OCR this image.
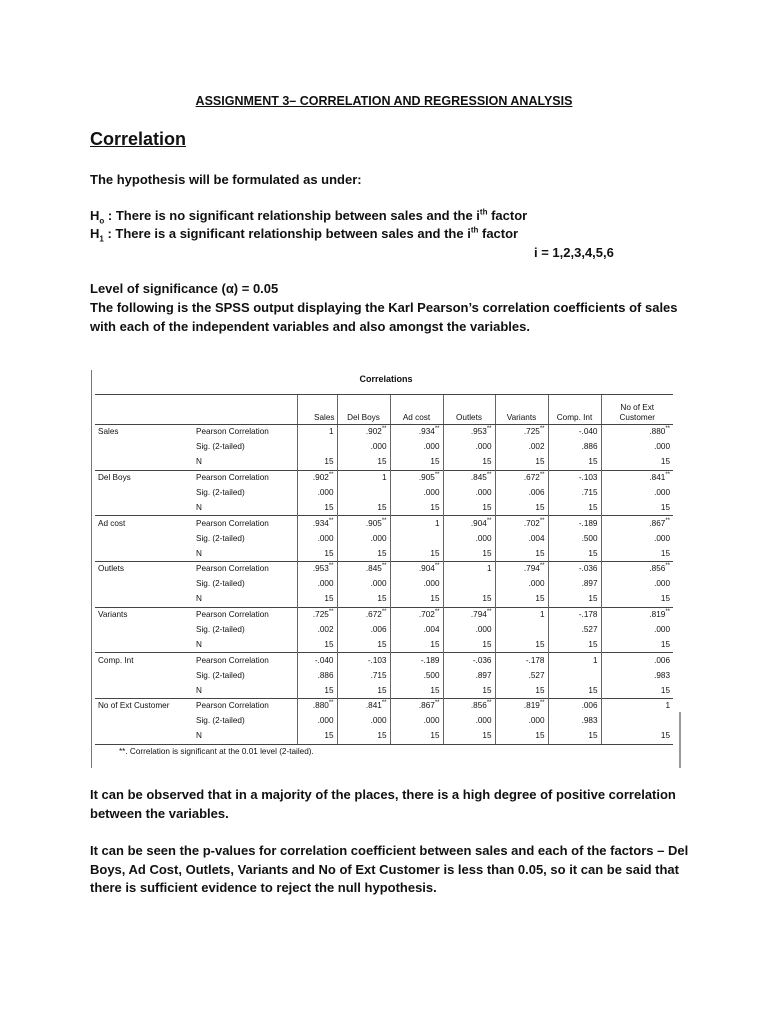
ASSIGNMENT 3– CORRELATION AND REGRESSION ANALYSIS
Correlation
The hypothesis will be formulated as under:
$H_o$ : There is no significant relationship between sales and the $i^{th}$ factor
$H_1$ : There is a significant relationship between sales and the $i^{th}$ factor
i = 1,2,3,4,5,6
Level of significance (α) = 0.05
The following is the SPSS output displaying the Karl Pearson’s correlation coefficients of sales with each of the independent variables and also amongst the variables.
Correlations
		Sales	Del Boys	Ad cost	Outlets	Variants	Comp. Int	No of Ext Customer
Sales	Pearson Correlation	1	.902**	.934**	.953**	.725**	-.040	.880**
	Sig. (2-tailed)		.000	.000	.000	.002	.886	.000
	N	15	15	15	15	15	15	15
Del Boys	Pearson Correlation	.902**	1	.905**	.845**	.672**	-.103	.841**
	Sig. (2-tailed)	.000		.000	.000	.006	.715	.000
	N	15	15	15	15	15	15	15
Ad cost	Pearson Correlation	.934**	.905**	1	.904**	.702**	-.189	.867**
	Sig. (2-tailed)	.000	.000		.000	.004	.500	.000
	N	15	15	15	15	15	15	15
Outlets	Pearson Correlation	.953**	.845**	.904**	1	.794**	-.036	.856**
	Sig. (2-tailed)	.000	.000	.000		.000	.897	.000
	N	15	15	15	15	15	15	15
Variants	Pearson Correlation	.725**	.672**	.702**	.794**	1	-.178	.819**
	Sig. (2-tailed)	.002	.006	.004	.000		.527	.000
	N	15	15	15	15	15	15	15
Comp. Int	Pearson Correlation	-.040	-.103	-.189	-.036	-.178	1	.006
	Sig. (2-tailed)	.886	.715	.500	.897	.527		.983
	N	15	15	15	15	15	15	15
No of Ext Customer	Pearson Correlation	.880**	.841**	.867**	.856**	.819**	.006	1
	Sig. (2-tailed)	.000	.000	.000	.000	.000	.983	
	N	15	15	15	15	15	15	15
**. Correlation is significant at the 0.01 level (2-tailed).
It can be observed that in a majority of the places, there is a high degree of positive correlation between the variables.
It can be seen the p-values for correlation coefficient between sales and each of the factors – Del Boys, Ad Cost, Outlets, Variants and No of Ext Customer is less than 0.05, so it can be said that there is sufficient evidence to reject the null hypothesis.
